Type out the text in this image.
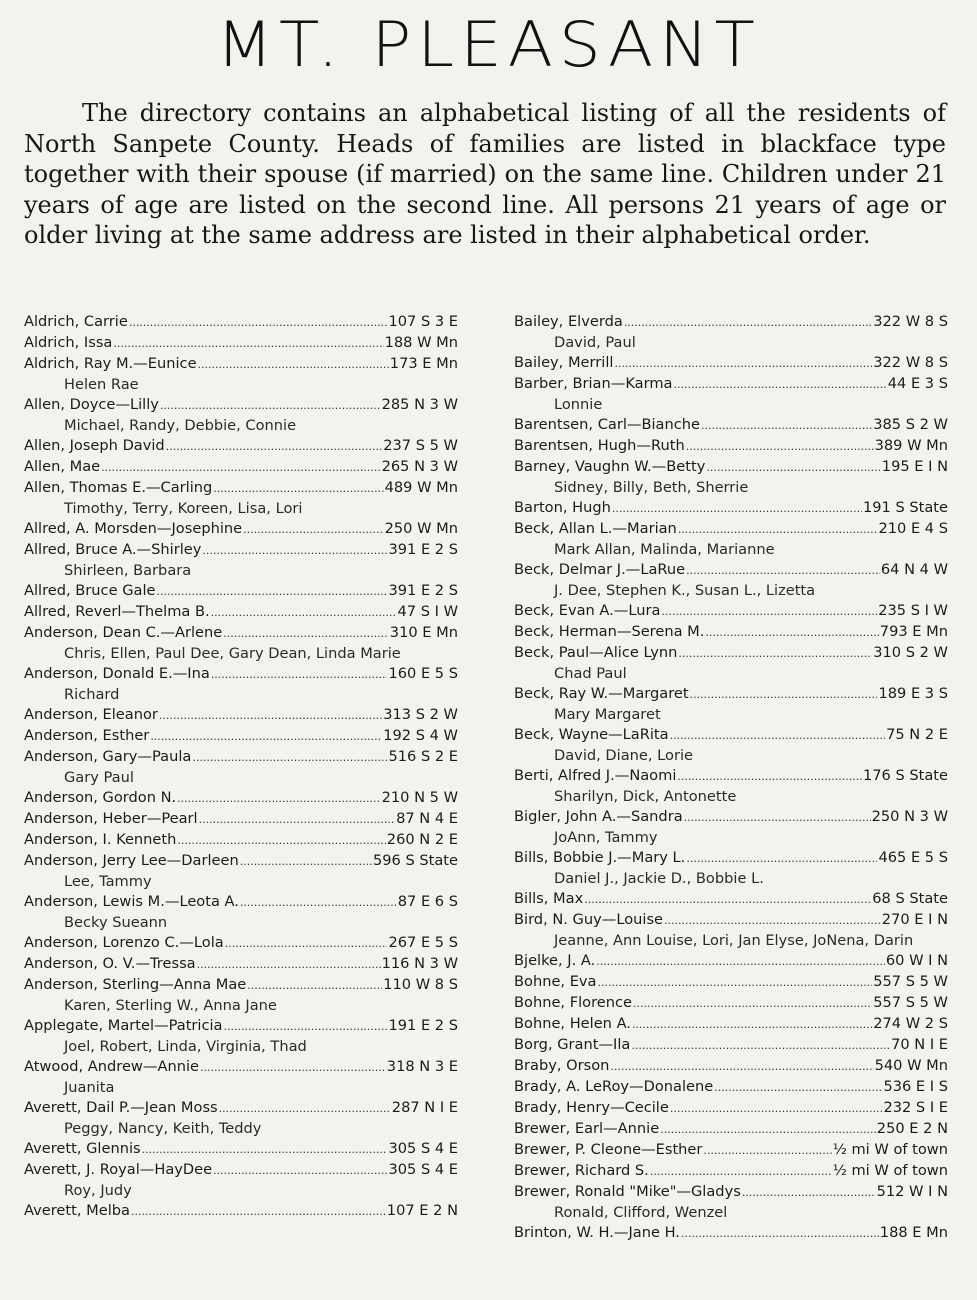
MT. PLEASANT

The directory contains an alphabetical listing of all the residents of North Sanpete County. Heads of families are listed in blackface type together with their spouse (if married) on the same line. Children under 21 years of age are listed on the second line. All persons 21 years of age or older living at the same address are listed in their alphabetical order.

Aldrich, Carrie .....	107 S 3 E
Aldrich, Issa .....	188 W Mn
Aldrich, Ray M.—Eunice .....	173 E Mn
Helen Rae
Allen, Doyce—Lilly .....	285 N 3 W
Michael, Randy, Debbie, Connie
Allen, Joseph David .....	237 S 5 W
Allen, Mae .....	265 N 3 W
Allen, Thomas E.—Carling .....	489 W Mn
Timothy, Terry, Koreen, Lisa, Lori
Allred, A. Morsden—Josephine .....	250 W Mn
Allred, Bruce A.—Shirley .....	391 E 2 S
Shirleen, Barbara
Allred, Bruce Gale .....	391 E 2 S
Allred, Reverl—Thelma B. .....	47 S I W
Anderson, Dean C.—Arlene .....	310 E Mn
Chris, Ellen, Paul Dee, Gary Dean, Linda Marie
Anderson, Donald E.—Ina .....	160 E 5 S
Richard
Anderson, Eleanor .....	313 S 2 W
Anderson, Esther .....	192 S 4 W
Anderson, Gary—Paula .....	516 S 2 E
Gary Paul
Anderson, Gordon N. .....	210 N 5 W
Anderson, Heber—Pearl .....	87 N 4 E
Anderson, I. Kenneth .....	260 N 2 E
Anderson, Jerry Lee—Darleen .....	596 S State
Lee, Tammy
Anderson, Lewis M.—Leota A. .....	87 E 6 S
Becky Sueann
Anderson, Lorenzo C.—Lola .....	267 E 5 S
Anderson, O. V.—Tressa .....	116 N 3 W
Anderson, Sterling—Anna Mae .....	110 W 8 S
Karen, Sterling W., Anna Jane
Applegate, Martel—Patricia .....	191 E 2 S
Joel, Robert, Linda, Virginia, Thad
Atwood, Andrew—Annie .....	318 N 3 E
Juanita
Averett, Dail P.—Jean Moss .....	287 N I E
Peggy, Nancy, Keith, Teddy
Averett, Glennis .....	305 S 4 E
Averett, J. Royal—HayDee .....	305 S 4 E
Roy, Judy
Averett, Melba .....	107 E 2 N
Bailey, Elverda .....	322 W 8 S
David, Paul
Bailey, Merrill .....	322 W 8 S
Barber, Brian—Karma .....	44 E 3 S
Lonnie
Barentsen, Carl—Bianche .....	385 S 2 W
Barentsen, Hugh—Ruth .....	389 W Mn
Barney, Vaughn W.—Betty .....	195 E I N
Sidney, Billy, Beth, Sherrie
Barton, Hugh .....	191 S State
Beck, Allan L.—Marian .....	210 E 4 S
Mark Allan, Malinda, Marianne
Beck, Delmar J.—LaRue .....	64 N 4 W
J. Dee, Stephen K., Susan L., Lizetta
Beck, Evan A.—Lura .....	235 S I W
Beck, Herman—Serena M. .....	793 E Mn
Beck, Paul—Alice Lynn .....	310 S 2 W
Chad Paul
Beck, Ray W.—Margaret .....	189 E 3 S
Mary Margaret
Beck, Wayne—LaRita .....	75 N 2 E
David, Diane, Lorie
Berti, Alfred J.—Naomi .....	176 S State
Sharilyn, Dick, Antonette
Bigler, John A.—Sandra .....	250 N 3 W
JoAnn, Tammy
Bills, Bobbie J.—Mary L. .....	465 E 5 S
Daniel J., Jackie D., Bobbie L.
Bills, Max .....	68 S State
Bird, N. Guy—Louise .....	270 E I N
Jeanne, Ann Louise, Lori, Jan Elyse, JoNena, Darin
Bjelke, J. A. .....	60 W I N
Bohne, Eva .....	557 S 5 W
Bohne, Florence .....	557 S 5 W
Bohne, Helen A. .....	274 W 2 S
Borg, Grant—Ila .....	70 N I E
Braby, Orson .....	540 W Mn
Brady, A. LeRoy—Donalene .....	536 E I S
Brady, Henry—Cecile .....	232 S I E
Brewer, Earl—Annie .....	250 E 2 N
Brewer, P. Cleone—Esther .....	½ mi W of town
Brewer, Richard S. .....	½ mi W of town
Brewer, Ronald "Mike"—Gladys .....	512 W I N
Ronald, Clifford, Wenzel
Brinton, W. H.—Jane H. .....	188 E Mn
